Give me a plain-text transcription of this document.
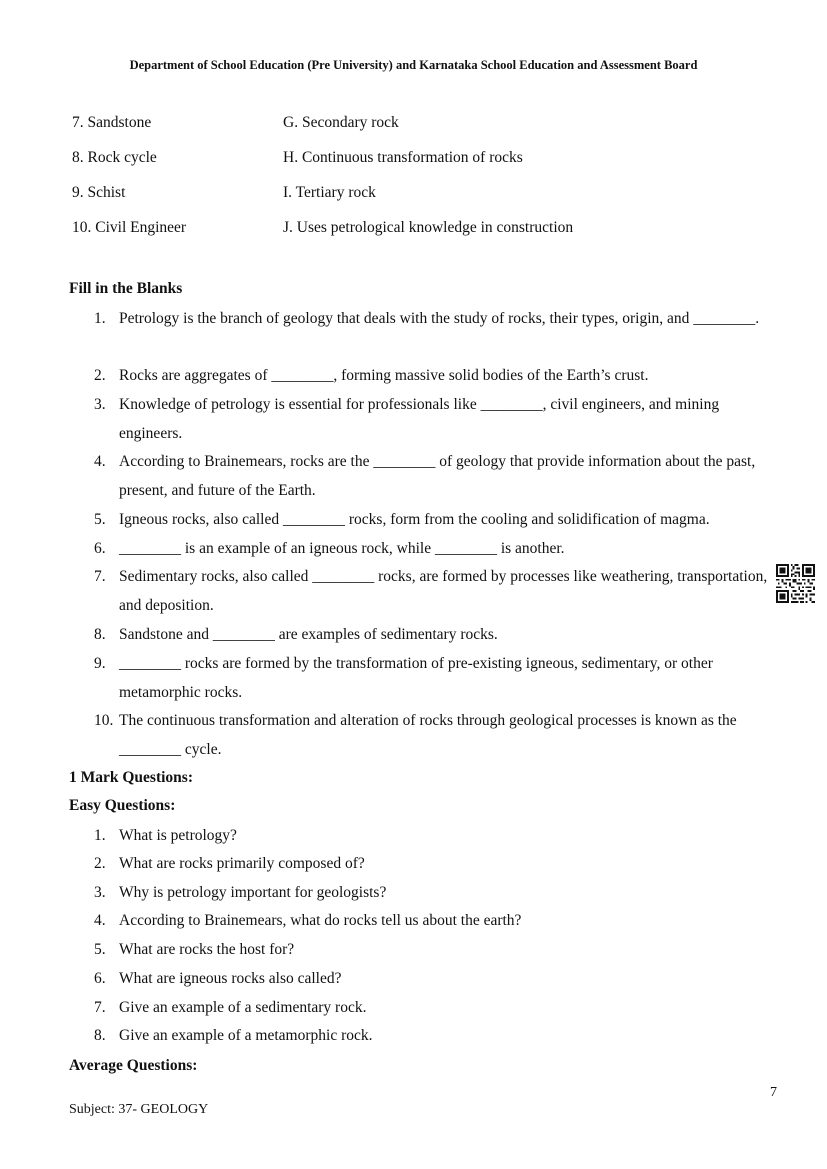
Department of School Education (Pre University) and Karnataka School Education and Assessment Board
7. Sandstone	G. Secondary rock
8. Rock cycle	H. Continuous transformation of rocks
9. Schist	I. Tertiary rock
10. Civil Engineer	J. Uses petrological knowledge in construction
Fill in the Blanks
1. Petrology is the branch of geology that deals with the study of rocks, their types, origin, and ________.
2. Rocks are aggregates of ________, forming massive solid bodies of the Earth’s crust.
3. Knowledge of petrology is essential for professionals like ________, civil engineers, and mining engineers.
4. According to Brainemears, rocks are the ________ of geology that provide information about the past, present, and future of the Earth.
5. Igneous rocks, also called ________ rocks, form from the cooling and solidification of magma.
6. ________ is an example of an igneous rock, while ________ is another.
7. Sedimentary rocks, also called ________ rocks, are formed by processes like weathering, transportation, and deposition.
8. Sandstone and ________ are examples of sedimentary rocks.
9. ________ rocks are formed by the transformation of pre-existing igneous, sedimentary, or other metamorphic rocks.
10. The continuous transformation and alteration of rocks through geological processes is known as the ________ cycle.
1 Mark Questions:
Easy Questions:
1. What is petrology?
2. What are rocks primarily composed of?
3. Why is petrology important for geologists?
4. According to Brainemears, what do rocks tell us about the earth?
5. What are rocks the host for?
6. What are igneous rocks also called?
7. Give an example of a sedimentary rock.
8. Give an example of a metamorphic rock.
Average Questions:
7
Subject: 37- GEOLOGY
